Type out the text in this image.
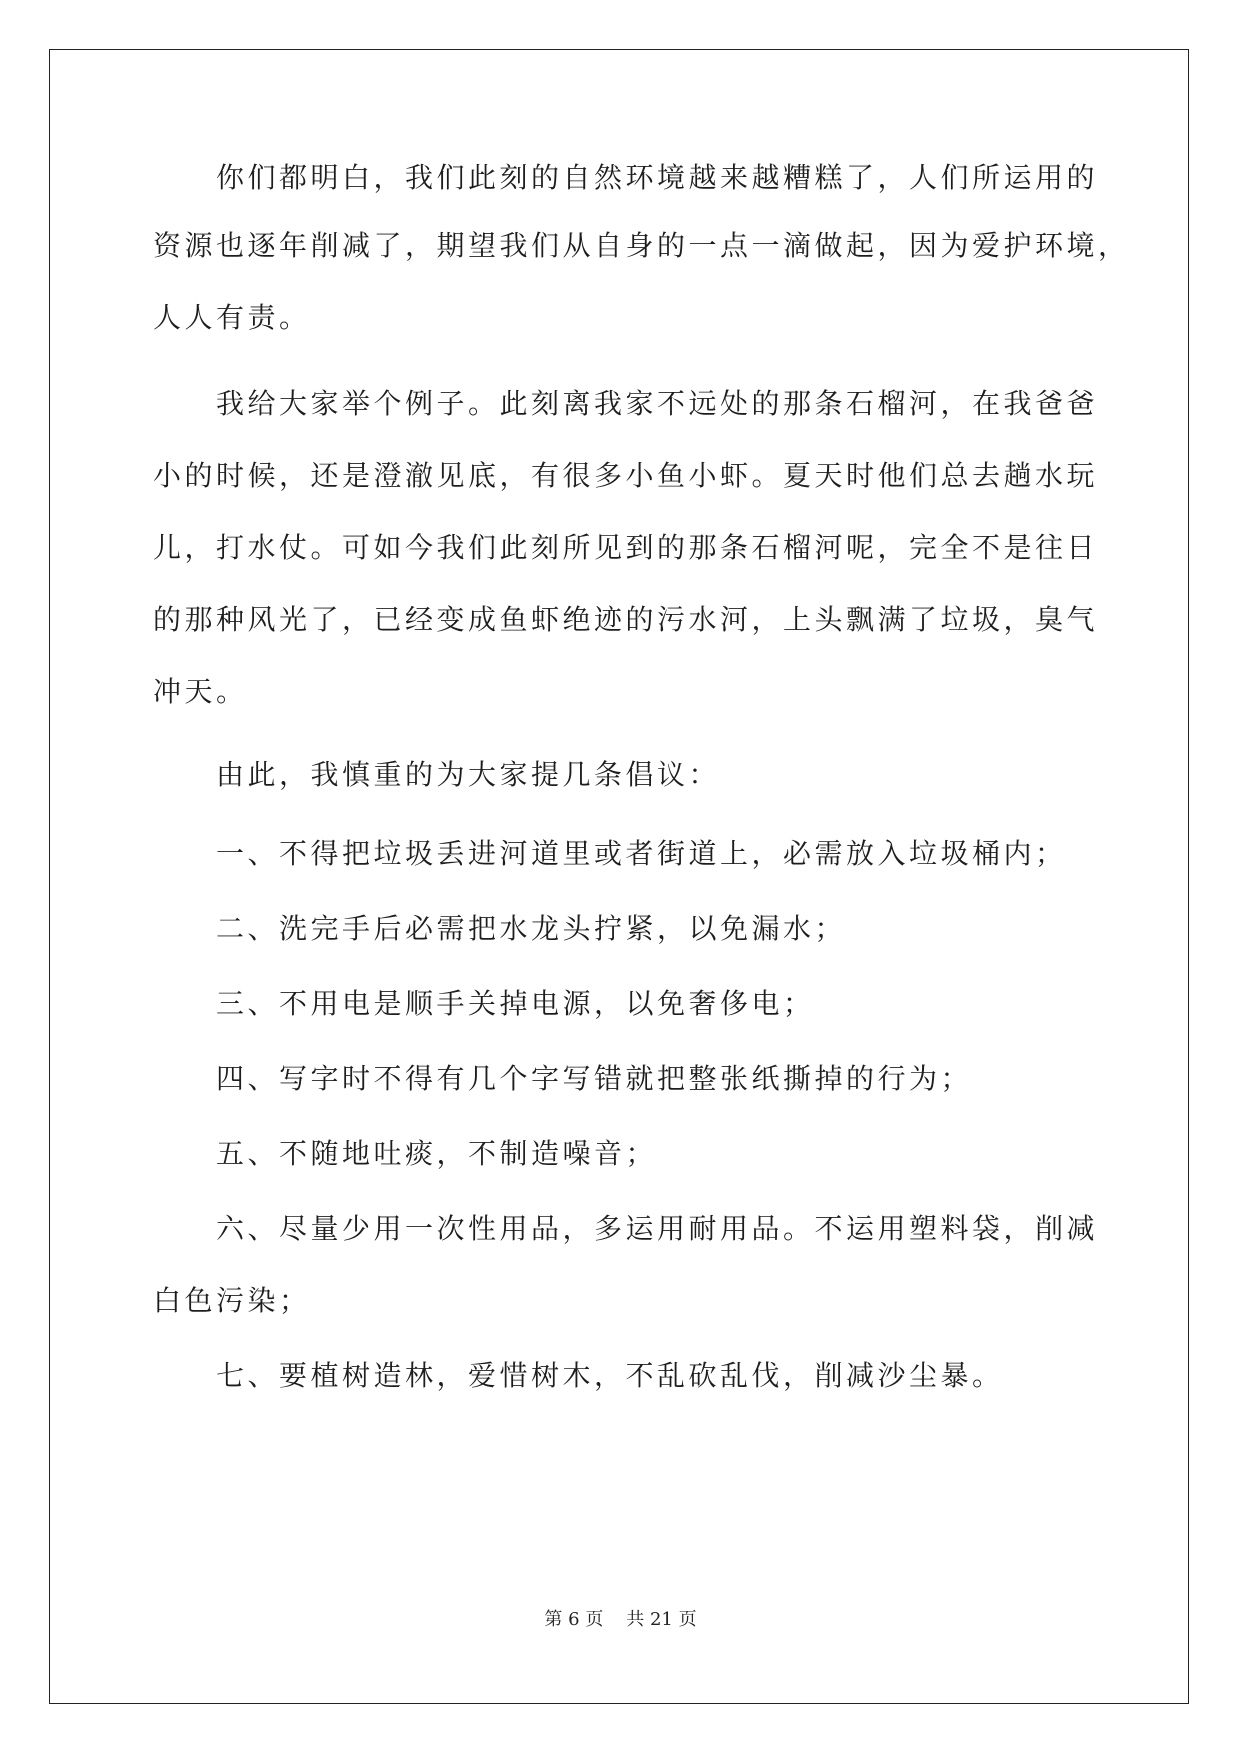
　　你们都明白，我们此刻的自然环境越来越糟糕了，人们所运用的
资源也逐年削减了，期望我们从自身的一点一滴做起，因为爱护环境，
人人有责。
　　我给大家举个例子。此刻离我家不远处的那条石榴河，在我爸爸
小的时候，还是澄澈见底，有很多小鱼小虾。夏天时他们总去趟水玩
儿，打水仗。可如今我们此刻所见到的那条石榴河呢，完全不是往日
的那种风光了，已经变成鱼虾绝迹的污水河，上头飘满了垃圾，臭气
冲天。
　　由此，我慎重的为大家提几条倡议：
　　一、不得把垃圾丢进河道里或者街道上，必需放入垃圾桶内；
　　二、洗完手后必需把水龙头拧紧，以免漏水；
　　三、不用电是顺手关掉电源，以免奢侈电；
　　四、写字时不得有几个字写错就把整张纸撕掉的行为；
　　五、不随地吐痰，不制造噪音；
　　六、尽量少用一次性用品，多运用耐用品。不运用塑料袋，削减
白色污染；
　　七、要植树造林，爱惜树木，不乱砍乱伐，削减沙尘暴。
第 6 页 共 21 页
